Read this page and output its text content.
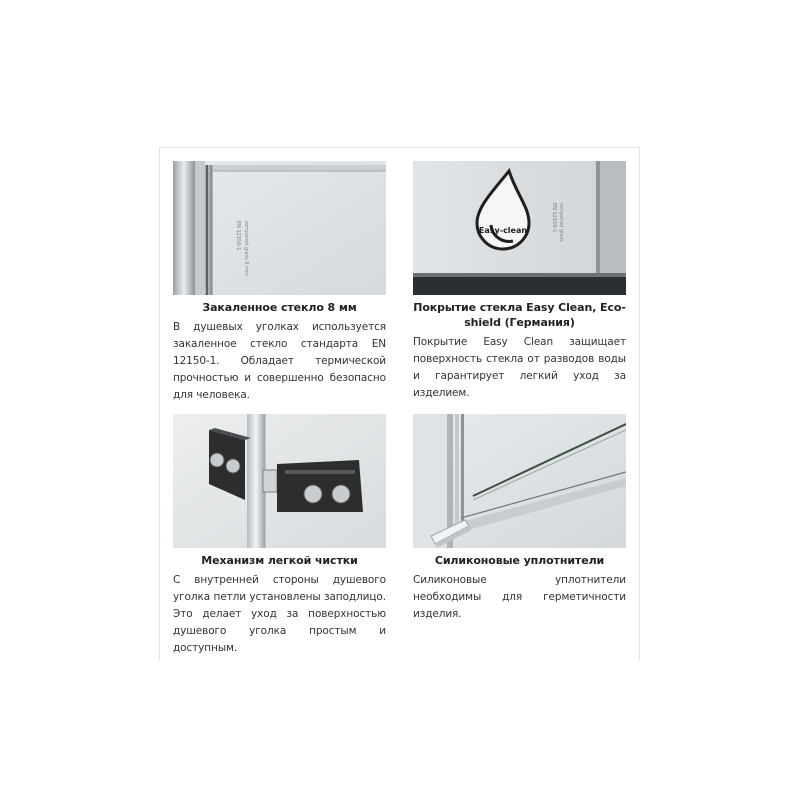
EN 12150-1 tempered glass 8 mm
Закаленное стекло 8 мм
В душевых уголках используется закаленное стекло стандарта EN 12150-1. Обладает термической прочностью и совершенно безопасно для человека.
Easy-clean	EN 12150-1 tempered glass
Покрытие стекла Easy Clean, Eco-shield (Германия)
Покрытие Easy Clean защищает поверхность стекла от разводов воды и гарантирует легкий уход за изделием.
Механизм легкой чистки
С внутренней стороны душевого уголка петли установлены заподлицо. Это делает уход за поверхностью душевого уголка простым и доступным.
Силиконовые уплотнители
Силиконовые уплотнители необходимы для герметичности изделия.
